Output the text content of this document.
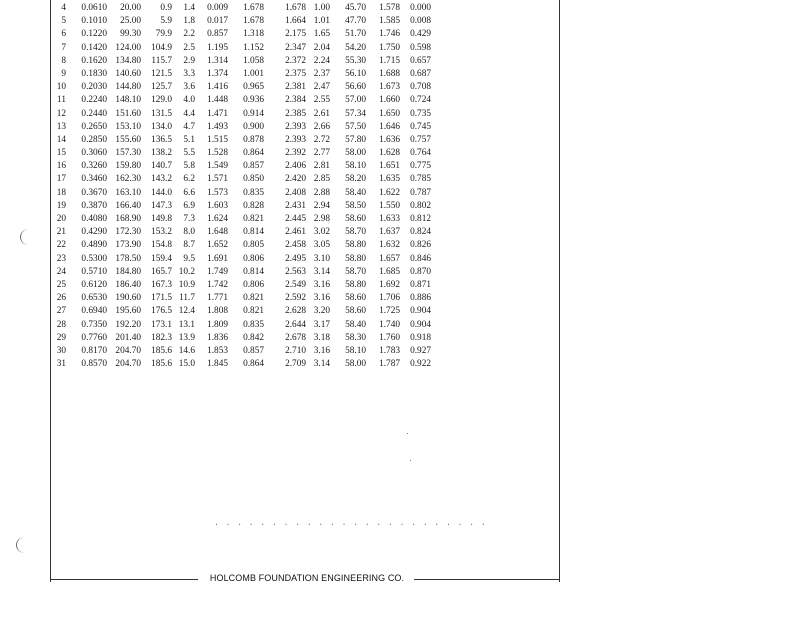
4 0.0610 20.00 0.9 1.4 0.009 1.678 1.678 1.00 45.70 1.578 0.000
5 0.1010 25.00 5.9 1.8 0.017 1.678 1.664 1.01 47.70 1.585 0.008
6 0.1220 99.30 79.9 2.2 0.857 1.318 2.175 1.65 51.70 1.746 0.429
7 0.1420 124.00 104.9 2.5 1.195 1.152 2.347 2.04 54.20 1.750 0.598
8 0.1620 134.80 115.7 2.9 1.314 1.058 2.372 2.24 55.30 1.715 0.657
9 0.1830 140.60 121.5 3.3 1.374 1.001 2.375 2.37 56.10 1.688 0.687
10 0.2030 144.80 125.7 3.6 1.416 0.965 2.381 2.47 56.60 1.673 0.708
11 0.2240 148.10 129.0 4.0 1.448 0.936 2.384 2.55 57.00 1.660 0.724
12 0.2440 151.60 131.5 4.4 1.471 0.914 2.385 2.61 57.34 1.650 0.735
13 0.2650 153.10 134.0 4.7 1.493 0.900 2.393 2.66 57.50 1.646 0.745
14 0.2850 155.60 136.5 5.1 1.515 0.878 2.393 2.72 57.80 1.636 0.757
15 0.3060 157.30 138.2 5.5 1.528 0.864 2.392 2.77 58.00 1.628 0.764
16 0.3260 159.80 140.7 5.8 1.549 0.857 2.406 2.81 58.10 1.651 0.775
17 0.3460 162.30 143.2 6.2 1.571 0.850 2.420 2.85 58.20 1.635 0.785
18 0.3670 163.10 144.0 6.6 1.573 0.835 2.408 2.88 58.40 1.622 0.787
19 0.3870 166.40 147.3 6.9 1.603 0.828 2.431 2.94 58.50 1.550 0.802
20 0.4080 168.90 149.8 7.3 1.624 0.821 2.445 2.98 58.60 1.633 0.812
21 0.4290 172.30 153.2 8.0 1.648 0.814 2.461 3.02 58.70 1.637 0.824
22 0.4890 173.90 154.8 8.7 1.652 0.805 2.458 3.05 58.80 1.632 0.826
23 0.5300 178.50 159.4 9.5 1.691 0.806 2.495 3.10 58.80 1.657 0.846
24 0.5710 184.80 165.7 10.2 1.749 0.814 2.563 3.14 58.70 1.685 0.870
25 0.6120 186.40 167.3 10.9 1.742 0.806 2.549 3.16 58.80 1.692 0.871
26 0.6530 190.60 171.5 11.7 1.771 0.821 2.592 3.16 58.60 1.706 0.886
27 0.6940 195.60 176.5 12.4 1.808 0.821 2.628 3.20 58.60 1.725 0.904
28 0.7350 192.20 173.1 13.1 1.809 0.835 2.644 3.17 58.40 1.740 0.904
29 0.7760 201.40 182.3 13.9 1.836 0.842 2.678 3.18 58.30 1.760 0.918
30 0.8170 204.70 185.6 14.6 1.853 0.857 2.710 3.16 58.10 1.783 0.927
31 0.8570 204.70 185.6 15.0 1.845 0.864 2.709 3.14 58.00 1.787 0.922
. . . . . . . . . . . . . . . . . . . . . . . .
HOLCOMB FOUNDATION ENGINEERING CO.
